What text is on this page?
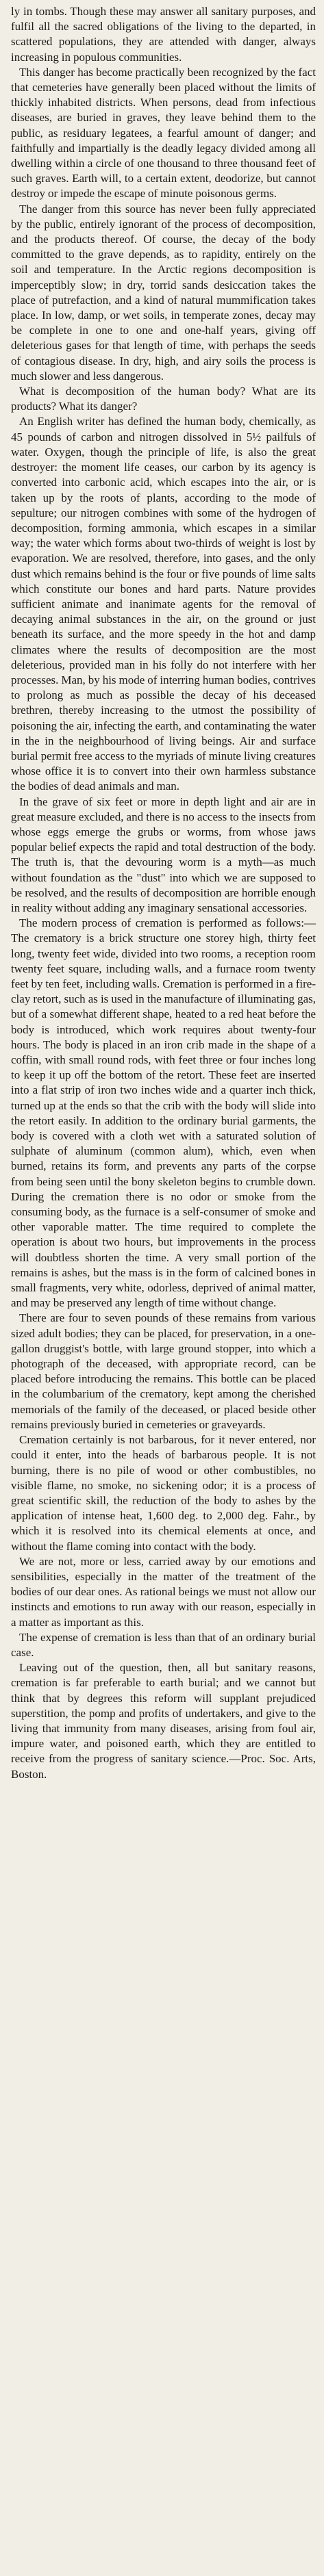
ly in tombs. Though these may answer all sanitary purposes, and fulfil all the sacred obligations of the living to the departed, in scattered populations, they are attended with danger, always increasing in populous communities.

This danger has become practically been recognized by the fact that cemeteries have generally been placed without the limits of thickly inhabited districts. When persons, dead from infectious diseases, are buried in graves, they leave behind them to the public, as residuary legatees, a fearful amount of danger; and faithfully and impartially is the deadly legacy divided among all dwelling within a circle of one thousand to three thousand feet of such graves. Earth will, to a certain extent, deodorize, but cannot destroy or impede the escape of minute poisonous germs.

The danger from this source has never been fully appreciated by the public, entirely ignorant of the process of decomposition, and the products thereof. Of course, the decay of the body committed to the grave depends, as to rapidity, entirely on the soil and temperature. In the Arctic regions decomposition is imperceptibly slow; in dry, torrid sands desiccation takes the place of putrefaction, and a kind of natural mummification takes place. In low, damp, or wet soils, in temperate zones, decay may be complete in one to one and one-half years, giving off deleterious gases for that length of time, with perhaps the seeds of contagious disease. In dry, high, and airy soils the process is much slower and less dangerous.

What is decomposition of the human body? What are its products? What its danger?

An English writer has defined the human body, chemically, as 45 pounds of carbon and nitrogen dissolved in 5½ pailfuls of water. Oxygen, though the principle of life, is also the great destroyer: the moment life ceases, our carbon by its agency is converted into carbonic acid, which escapes into the air, or is taken up by the roots of plants, according to the mode of sepulture; our nitrogen combines with some of the hydrogen of decomposition, forming ammonia, which escapes in a similar way; the water which forms about two-thirds of weight is lost by evaporation. We are resolved, therefore, into gases, and the only dust which remains behind is the four or five pounds of lime salts which constitute our bones and hard parts. Nature provides sufficient animate and inanimate agents for the removal of decaying animal substances in the air, on the ground or just beneath its surface, and the more speedy in the hot and damp climates where the results of decomposition are the most deleterious, provided man in his folly do not interfere with her processes. Man, by his mode of interring human bodies, contrives to prolong as much as possible the decay of his deceased brethren, thereby increasing to the utmost the possibility of poisoning the air, infecting the earth, and contaminating the water in the in the neighbourhood of living beings. Air and surface burial permit free access to the myriads of minute living creatures whose office it is to convert into their own harmless substance the bodies of dead animals and man.

In the grave of six feet or more in depth light and air are in great measure excluded, and there is no access to the insects from whose eggs emerge the grubs or worms, from whose jaws popular belief expects the rapid and total destruction of the body. The truth is, that the devouring worm is a myth—as much without foundation as the "dust" into which we are supposed to be resolved, and the results of decomposition are horrible enough in reality without adding any imaginary sensational accessories.

The modern process of cremation is performed as follows:—The crematory is a brick structure one storey high, thirty feet long, twenty feet wide, divided into two rooms, a reception room twenty feet square, including walls, and a furnace room twenty feet by ten feet, including walls. Cremation is performed in a fire-clay retort, such as is used in the manufacture of illuminating gas, but of a somewhat different shape, heated to a red heat before the body is introduced, which work requires about twenty-four hours. The body is placed in an iron crib made in the shape of a coffin, with small round rods, with feet three or four inches long to keep it up off the bottom of the retort. These feet are inserted into a flat strip of iron two inches wide and a quarter inch thick, turned up at the ends so that the crib with the body will slide into the retort easily. In addition to the ordinary burial garments, the body is covered with a cloth wet with a saturated solution of sulphate of aluminum (common alum), which, even when burned, retains its form, and prevents any parts of the corpse from being seen until the bony skeleton begins to crumble down. During the cremation there is no odor or smoke from the consuming body, as the furnace is a self-consumer of smoke and other vaporable matter. The time required to complete the operation is about two hours, but improvements in the process will doubtless shorten the time. A very small portion of the remains is ashes, but the mass is in the form of calcined bones in small fragments, very white, odorless, deprived of animal matter, and may be preserved any length of time without change.

There are four to seven pounds of these remains from various sized adult bodies; they can be placed, for preservation, in a one-gallon druggist's bottle, with large ground stopper, into which a photograph of the deceased, with appropriate record, can be placed before introducing the remains. This bottle can be placed in the columbarium of the crematory, kept among the cherished memorials of the family of the deceased, or placed beside other remains previously buried in cemeteries or graveyards.

Cremation certainly is not barbarous, for it never entered, nor could it enter, into the heads of barbarous people. It is not burning, there is no pile of wood or other combustibles, no visible flame, no smoke, no sickening odor; it is a process of great scientific skill, the reduction of the body to ashes by the application of intense heat, 1,600 deg. to 2,000 deg. Fahr., by which it is resolved into its chemical elements at once, and without the flame coming into contact with the body.

We are not, more or less, carried away by our emotions and sensibilities, especially in the matter of the treatment of the bodies of our dear ones. As rational beings we must not allow our instincts and emotions to run away with our reason, especially in a matter as important as this.

The expense of cremation is less than that of an ordinary burial case.

Leaving out of the question, then, all but sanitary reasons, cremation is far preferable to earth burial; and we cannot but think that by degrees this reform will supplant prejudiced superstition, the pomp and profits of undertakers, and give to the living that immunity from many diseases, arising from foul air, impure water, and poisoned earth, which they are entitled to receive from the progress of sanitary science.—Proc. Soc. Arts, Boston.
